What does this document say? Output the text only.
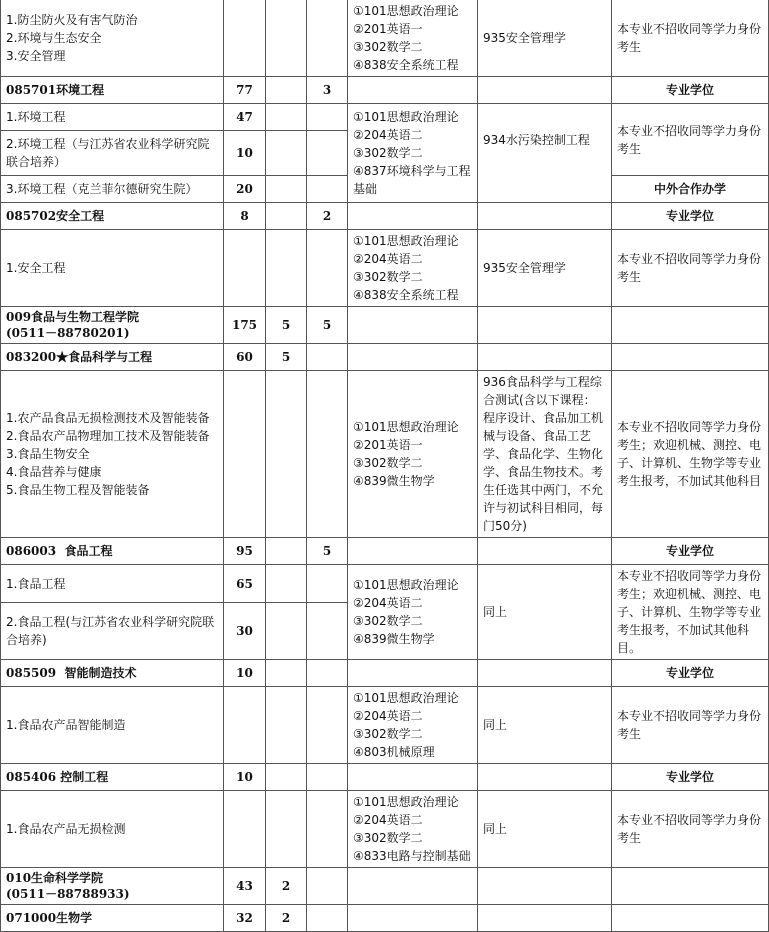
1.防尘防火及有害气防治
2.环境与生态安全
3.安全管理				①101思想政治理论
②201英语一
③302数学二
④838安全系统工程	935安全管理学	本专业不招收同等学力身份考生

085701环境工程	77		3			专业学位
1.环境工程	47			①101思想政治理论
②204英语二
③302数学二
④837环境科学与工程基础	934水污染控制工程	本专业不招收同等学力身份考生

2.环境工程（与江苏省农业科学研究院联合培养）	10					
3.环境工程（克兰菲尔德研究生院）	20					中外合作办学
085702安全工程	8		2			专业学位
1.安全工程				①101思想政治理论
②204英语二
③302数学二
④838安全系统工程	935安全管理学	本专业不招收同等学力身份考生

009食品与生物工程学院
(0511－88780201)	175	5	5			
083200★食品科学与工程	60	5				

1.农产品食品无损检测技术及智能装备
2.食品农产品物理加工技术及智能装备
3.食品生物安全
4.食品营养与健康
5.食品生物工程及智能装备				①101思想政治理论
②201英语一
③302数学二
④839微生物学	936食品科学与工程综合测试(含以下课程：程序设计、食品加工机械与设备、食品工艺学、食品化学、生物化学、食品生物技术。考生任选其中两门，不允许与初试科目相同，每门50分)	本专业不招收同等学力身份考生；欢迎机械、测控、电子、计算机、生物学等专业考生报考，不加试其他科目

086003  食品工程	95		5			专业学位
1.食品工程	65			①101思想政治理论
②204英语二
③302数学二
④839微生物学	同上	本专业不招收同等学力身份考生；欢迎机械、测控、电子、计算机、生物学等专业考生报考，不加试其他科目。

2.食品工程(与江苏省农业科学研究院联合培养)	30					
085509  智能制造技术	10					专业学位
1.食品农产品智能制造				①101思想政治理论
②204英语二
③302数学二
④803机械原理	同上	本专业不招收同等学力身份考生

085406 控制工程	10					专业学位
1.食品农产品无损检测				①101思想政治理论
②204英语二
③302数学二
④833电路与控制基础	同上	本专业不招收同等学力身份考生

010生命科学学院
(0511－88788933)	43	2				
071000生物学	32	2				
